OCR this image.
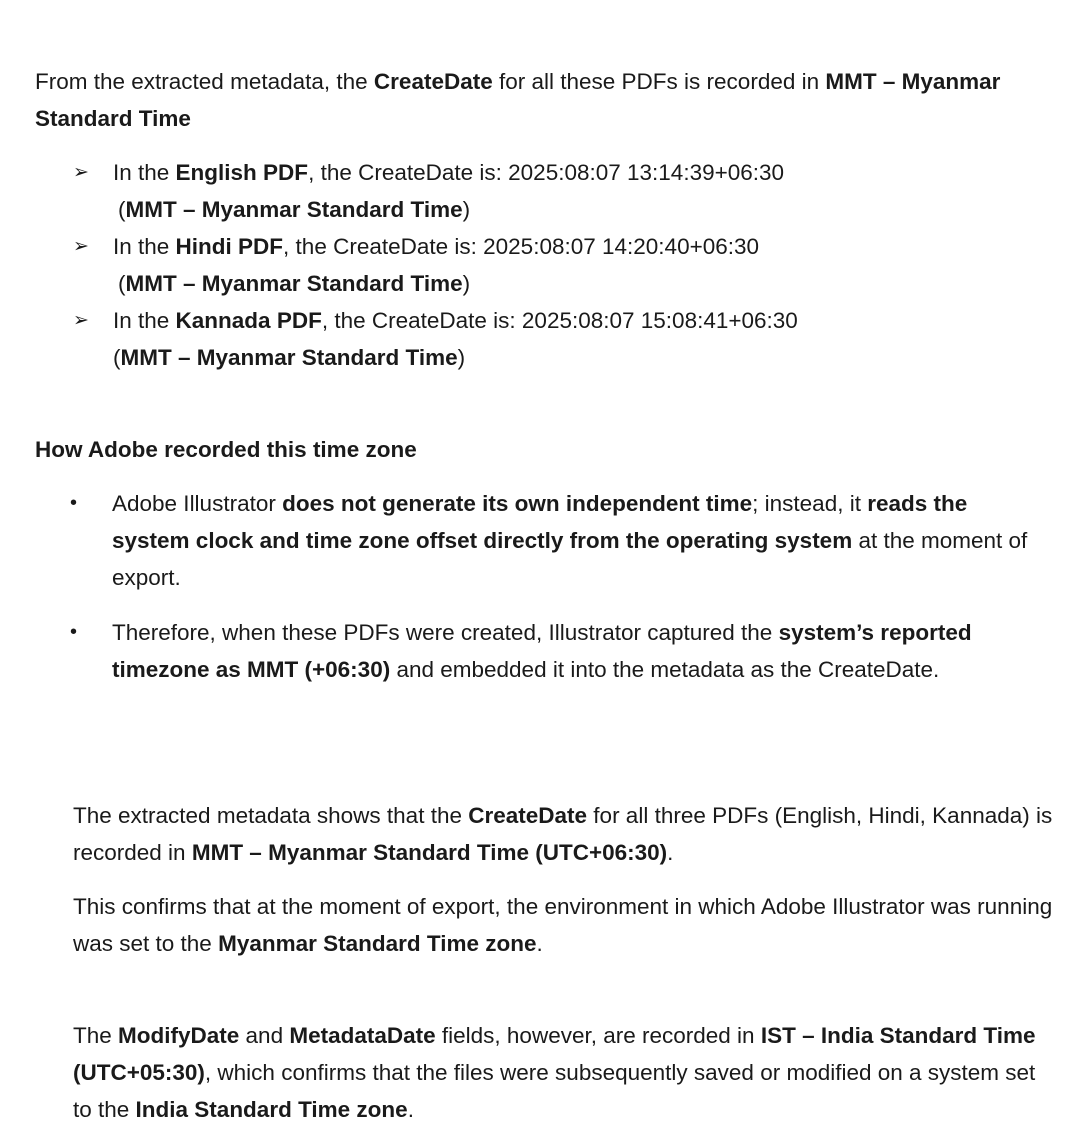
From the extracted metadata, the CreateDate for all these PDFs is recorded in MMT – Myanmar Standard Time
➢	In the English PDF, the CreateDate is: 2025:08:07 13:14:39+06:30
(MMT – Myanmar Standard Time)
➢	In the Hindi PDF, the CreateDate is: 2025:08:07 14:20:40+06:30
(MMT – Myanmar Standard Time)
➢	In the Kannada PDF, the CreateDate is: 2025:08:07 15:08:41+06:30
(MMT – Myanmar Standard Time)
How Adobe recorded this time zone
• Adobe Illustrator does not generate its own independent time; instead, it reads the system clock and time zone offset directly from the operating system at the moment of export.
• Therefore, when these PDFs were created, Illustrator captured the system’s reported timezone as MMT (+06:30) and embedded it into the metadata as the CreateDate.
The extracted metadata shows that the CreateDate for all three PDFs (English, Hindi, Kannada) is recorded in MMT – Myanmar Standard Time (UTC+06:30).
This confirms that at the moment of export, the environment in which Adobe Illustrator was running was set to the Myanmar Standard Time zone.
The ModifyDate and MetadataDate fields, however, are recorded in IST – India Standard Time (UTC+05:30), which confirms that the files were subsequently saved or modified on a system set to the India Standard Time zone.
